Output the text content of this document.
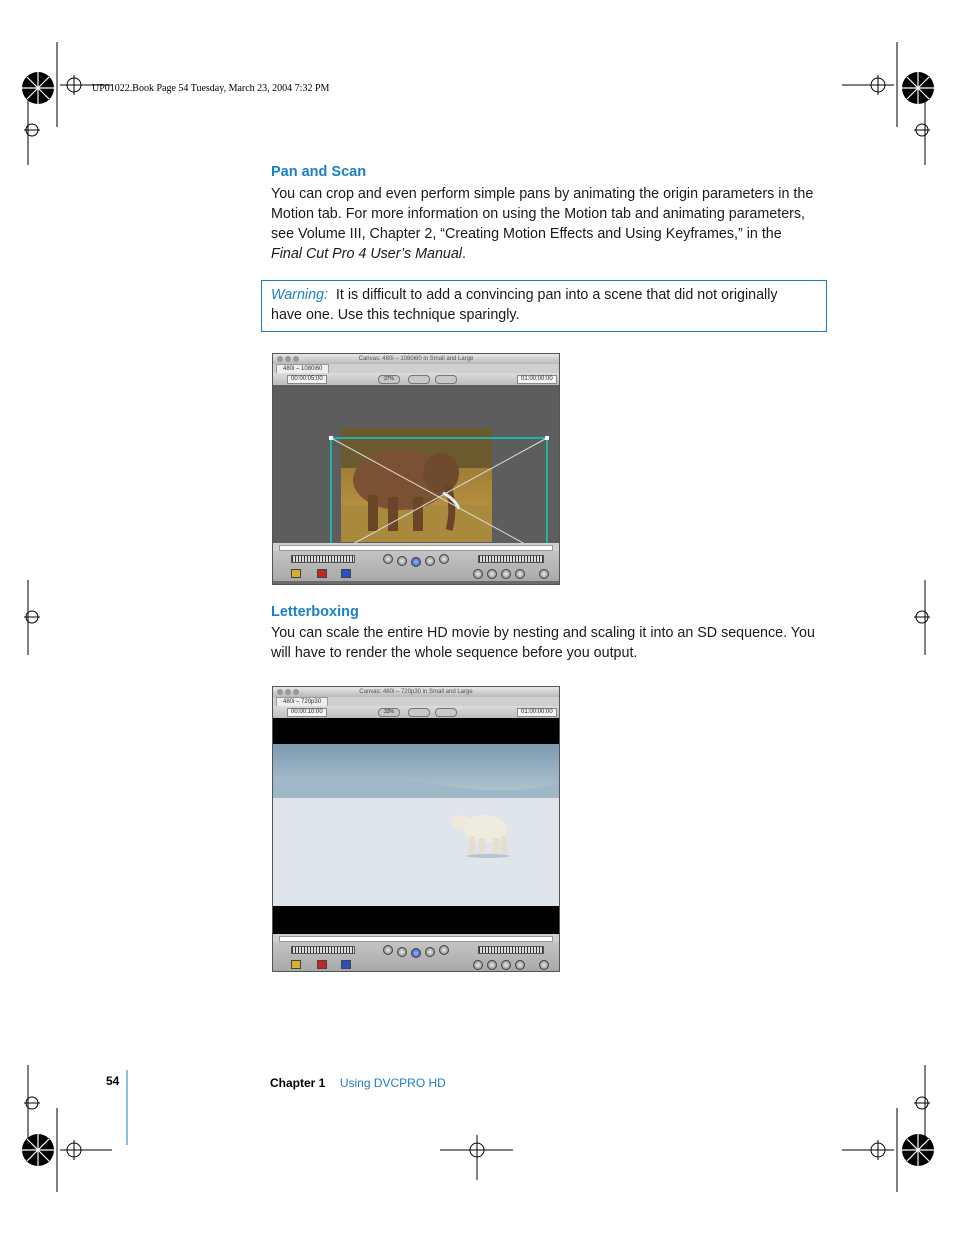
UP01022.Book Page 54 Tuesday, March 23, 2004 7:32 PM
Pan and Scan
You can crop and even perform simple pans by animating the origin parameters in the
Motion tab. For more information on using the Motion tab and animating parameters,
see Volume III, Chapter 2, “Creating Motion Effects and Using Keyframes,” in the
Final Cut Pro 4 User’s Manual.
Warning: It is difficult to add a convincing pan into a scene that did not originally
have one. Use this technique sparingly.
Canvas: 480i – 1080i60 in Small and Large
480i – 1080i60
00:00:05:00	37%	01:00:00:00
Letterboxing
You can scale the entire HD movie by nesting and scaling it into an SD sequence. You
will have to render the whole sequence before you output.
Canvas: 480i – 720p30 in Small and Large
480i – 720p30
00:00:10:00	33%	01:00:00:00
54	Chapter 1 Using DVCPRO HD
